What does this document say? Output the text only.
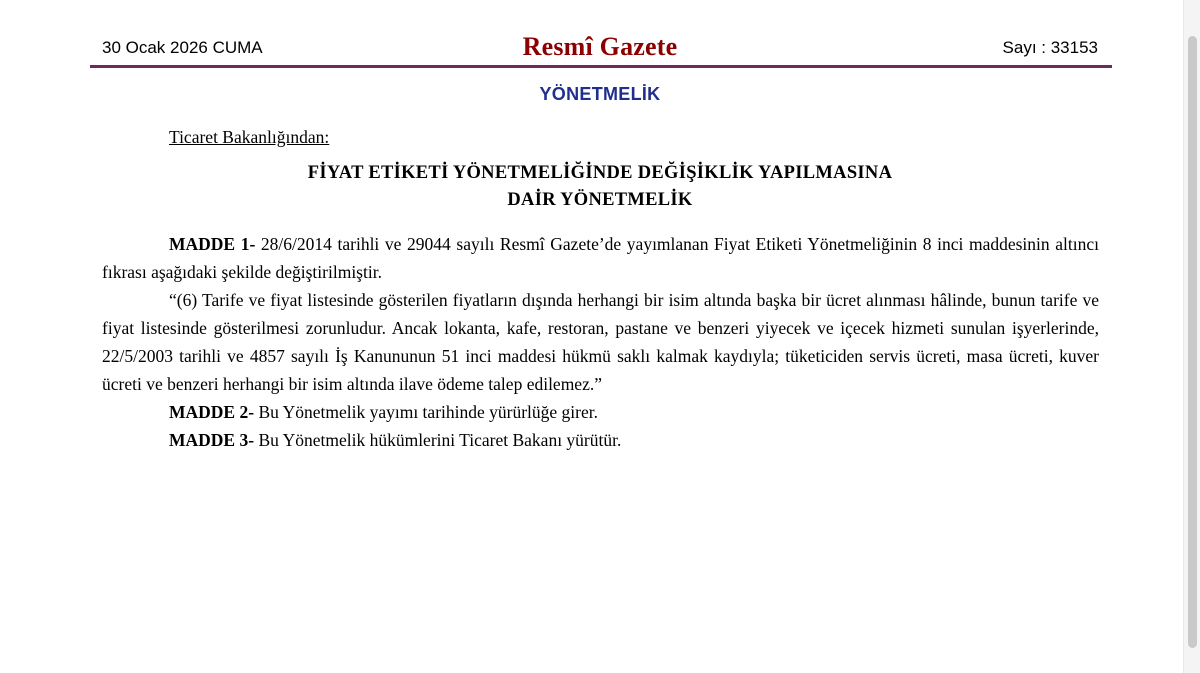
30 Ocak 2026 CUMA	Resmî Gazete	Sayı : 33153
YÖNETMELİK
Ticaret Bakanlığından:
FİYAT ETİKETİ YÖNETMELİĞİNDE DEĞİŞİKLİK YAPILMASINA
DAİR YÖNETMELİK

MADDE 1- 28/6/2014 tarihli ve 29044 sayılı Resmî Gazete’de yayımlanan Fiyat Etiketi Yönetmeliğinin 8 inci maddesinin altıncı fıkrası aşağıdaki şekilde değiştirilmiştir.

“(6) Tarife ve fiyat listesinde gösterilen fiyatların dışında herhangi bir isim altında başka bir ücret alınması hâlinde, bunun tarife ve fiyat listesinde gösterilmesi zorunludur. Ancak lokanta, kafe, restoran, pastane ve benzeri yiyecek ve içecek hizmeti sunulan işyerlerinde, 22/5/2003 tarihli ve 4857 sayılı İş Kanununun 51 inci maddesi hükmü saklı kalmak kaydıyla; tüketiciden servis ücreti, masa ücreti, kuver ücreti ve benzeri herhangi bir isim altında ilave ödeme talep edilemez.”

MADDE 2- Bu Yönetmelik yayımı tarihinde yürürlüğe girer.

MADDE 3- Bu Yönetmelik hükümlerini Ticaret Bakanı yürütür.
